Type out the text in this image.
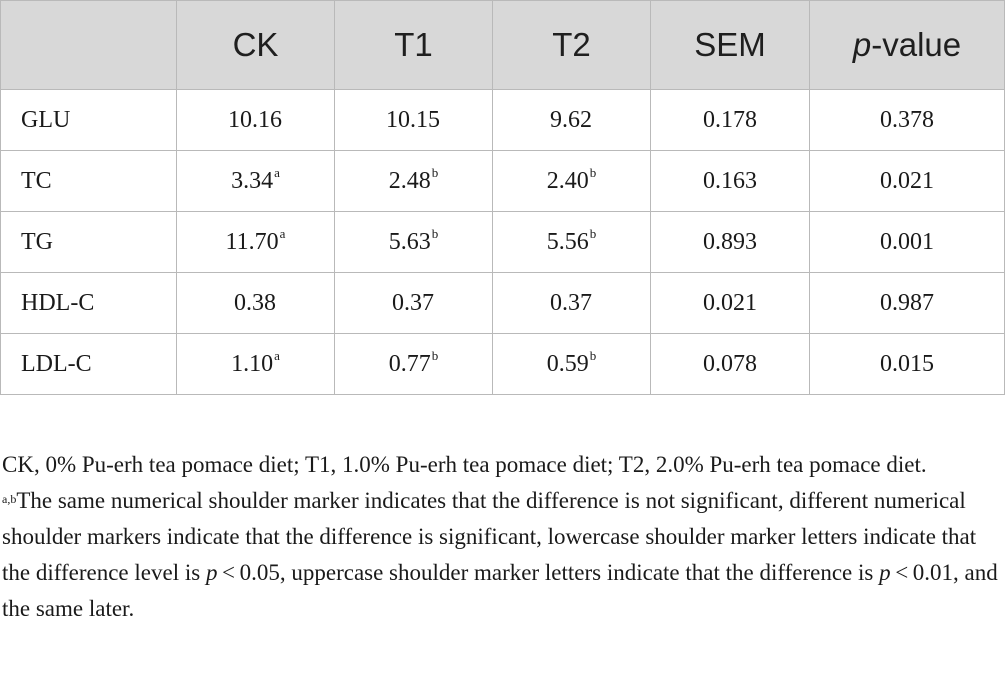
	CK	T1	T2	SEM	p-value
GLU	10.16	10.15	9.62	0.178	0.378
TC	3.34$^a$	2.48$^b$	2.40$^b$	0.163	0.021
TG	11.70$^a$	5.63$^b$	5.56$^b$	0.893	0.001
HDL-C	0.38	0.37	0.37	0.021	0.987
LDL-C	1.10$^a$	0.77$^b$	0.59$^b$	0.078	0.015

CK, 0% Pu-erh tea pomace diet; T1, 1.0% Pu-erh tea pomace diet; T2, 2.0% Pu-erh tea pomace diet.

$^{a,b}$The same numerical shoulder marker indicates that the difference is not significant, different numerical shoulder markers indicate that the difference is significant, lowercase shoulder marker letters indicate that the difference level is p < 0.05, uppercase shoulder marker letters indicate that the difference is p < 0.01, and the same later.
